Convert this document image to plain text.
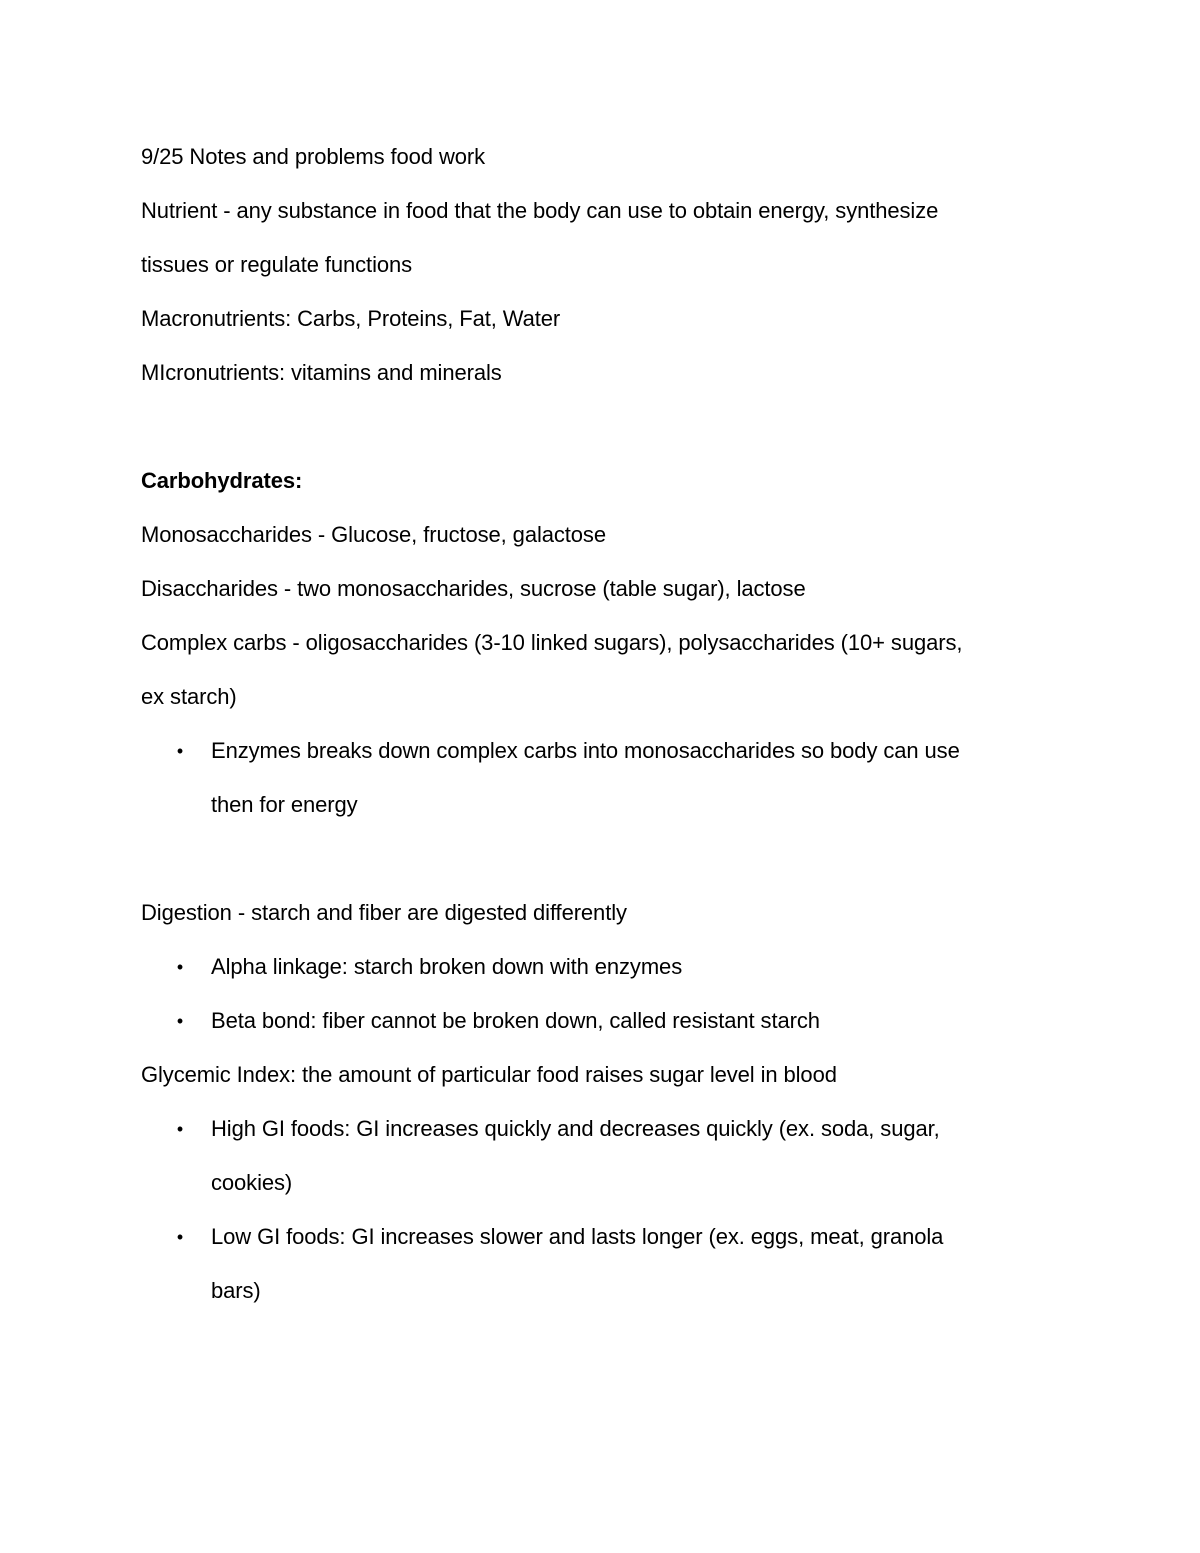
9/25 Notes and problems food work

Nutrient - any substance in food that the body can use to obtain energy, synthesize

tissues or regulate functions

Macronutrients: Carbs, Proteins, Fat, Water

MIcronutrients: vitamins and minerals

Carbohydrates:

Monosaccharides - Glucose, fructose, galactose

Disaccharides - two monosaccharides, sucrose (table sugar), lactose

Complex carbs - oligosaccharides (3-10 linked sugars), polysaccharides (10+ sugars,

ex starch)

• Enzymes breaks down complex carbs into monosaccharides so body can use
then for energy

Digestion - starch and fiber are digested differently

• Alpha linkage: starch broken down with enzymes
• Beta bond: fiber cannot be broken down, called resistant starch

Glycemic Index: the amount of particular food raises sugar level in blood

• High GI foods: GI increases quickly and decreases quickly (ex. soda, sugar,
cookies)
• Low GI foods: GI increases slower and lasts longer (ex. eggs, meat, granola
bars)
